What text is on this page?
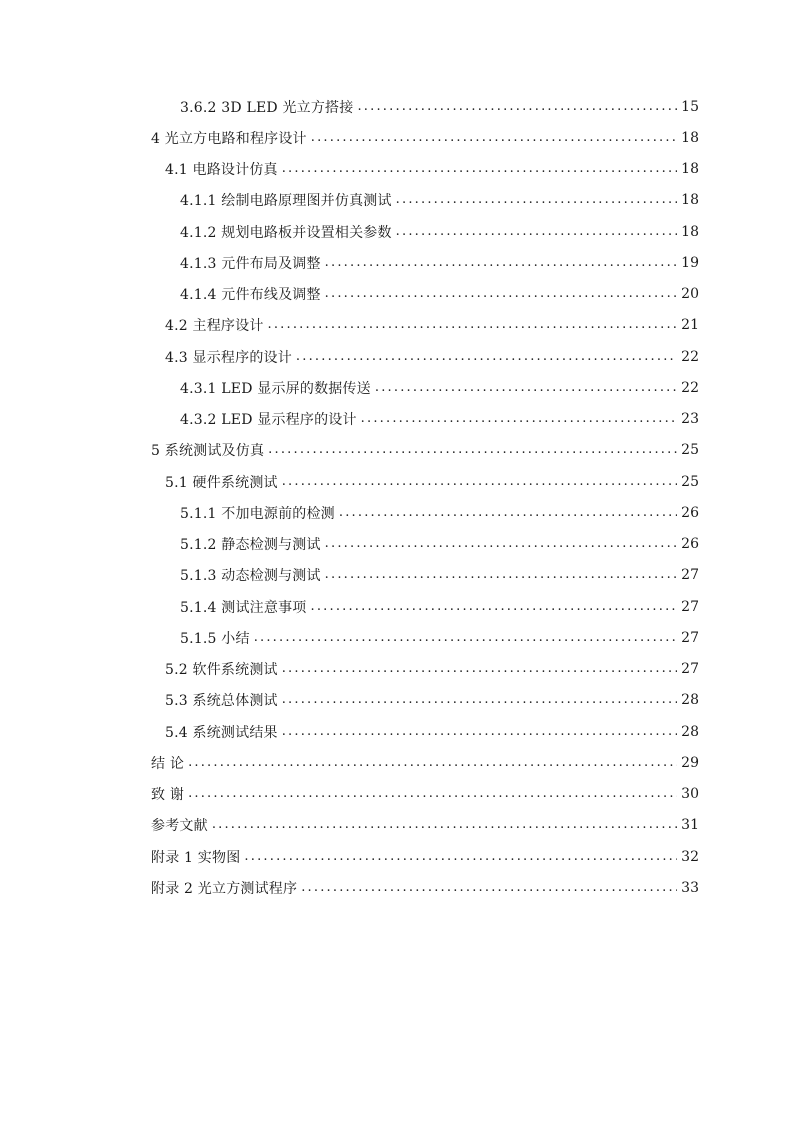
3.6.2 3D LED 光立方搭接 .....	15
4 光立方电路和程序设计 .....	18
4.1 电路设计仿真 .....	18
4.1.1 绘制电路原理图并仿真测试 .....	18
4.1.2 规划电路板并设置相关参数 .....	18
4.1.3 元件布局及调整 .....	19
4.1.4 元件布线及调整 .....	20
4.2 主程序设计 .....	21
4.3 显示程序的设计 .....	22
4.3.1 LED 显示屏的数据传送 .....	22
4.3.2 LED 显示程序的设计 .....	23
5 系统测试及仿真 .....	25
5.1 硬件系统测试 .....	25
5.1.1 不加电源前的检测 .....	26
5.1.2 静态检测与测试 .....	26
5.1.3 动态检测与测试 .....	27
5.1.4 测试注意事项 .....	27
5.1.5 小结 .....	27
5.2 软件系统测试 .....	27
5.3 系统总体测试 .....	28
5.4 系统测试结果 .....	28
结 论 .....	29
致 谢 .....	30
参考文献 .....	31
附录 1 实物图 .....	32
附录 2 光立方测试程序 .....	33
